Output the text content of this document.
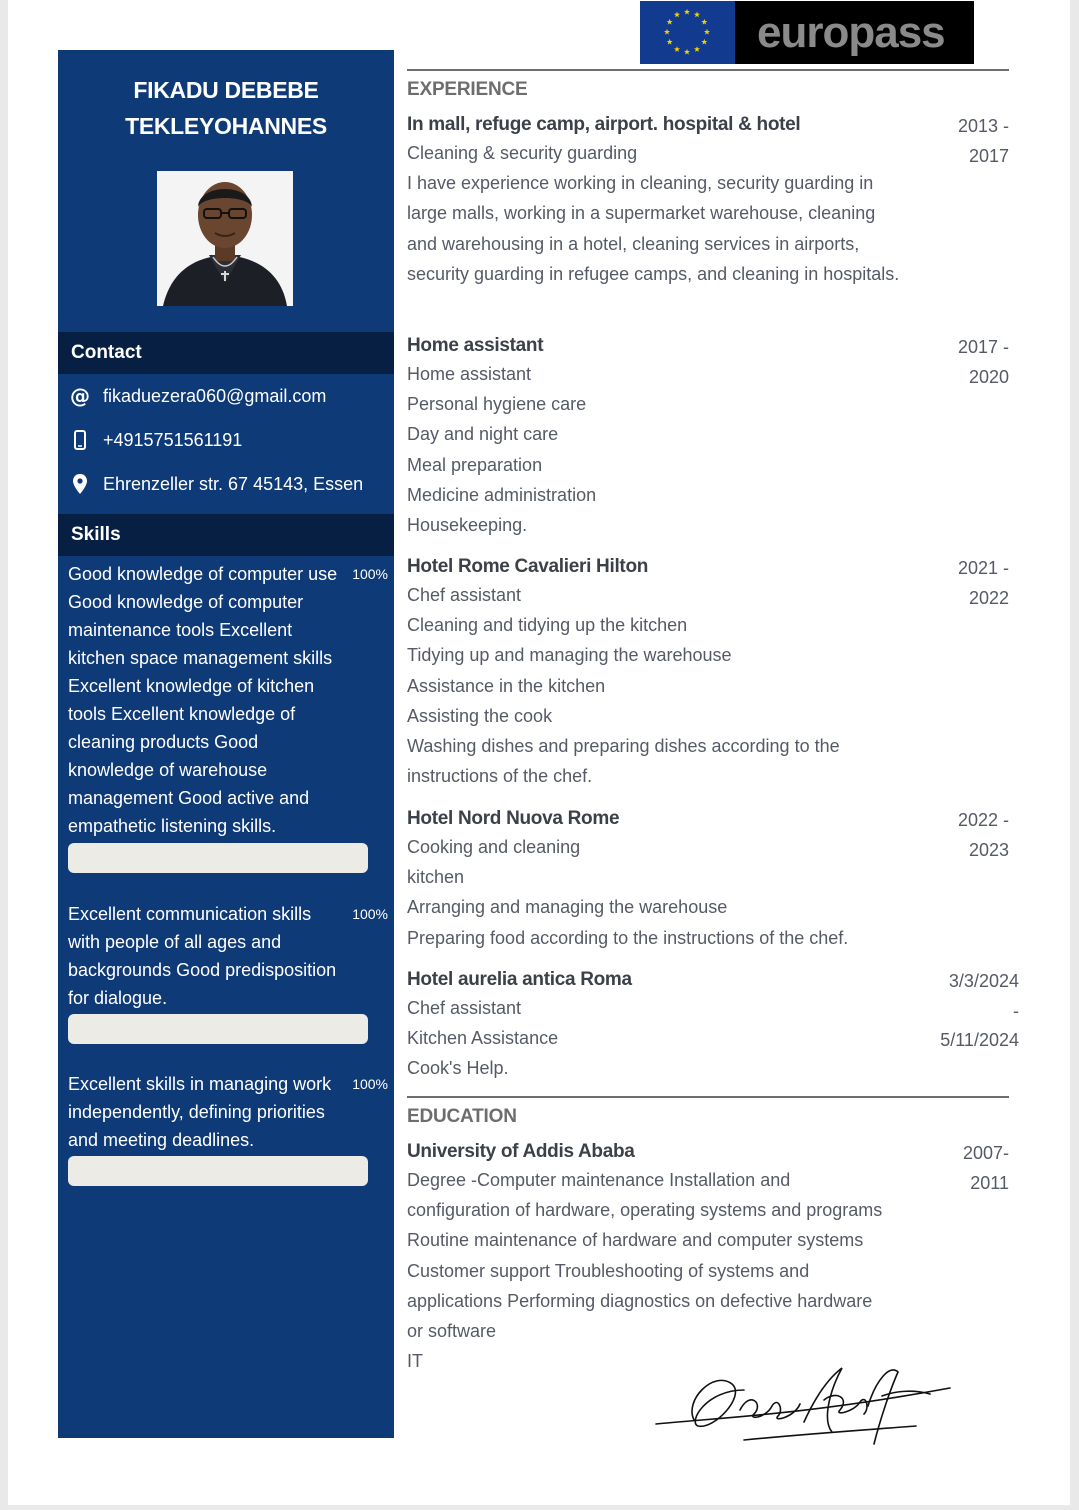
europass
FIKADU DEBEBE
TEKLEYOHANNES
Contact
@ fikaduezera060@gmail.com
+4915751561191
Ehrenzeller str. 67 45143, Essen
Skills
Good knowledge of computer use Good knowledge of computer maintenance tools Excellent kitchen space management skills Excellent knowledge of kitchen tools Excellent knowledge of cleaning products Good knowledge of warehouse management Good active and empathetic listening skills.
100%
Excellent communication skills with people of all ages and backgrounds Good predisposition for dialogue.
100%
Excellent skills in managing work independently, defining priorities and meeting deadlines.
100%
EXPERIENCE
In mall, refuge camp, airport. hospital & hotel
Cleaning & security guarding
I have experience working in cleaning, security guarding in large malls, working in a supermarket warehouse, cleaning and warehousing in a hotel, cleaning services in airports, security guarding in refugee camps, and cleaning in hospitals.
2013 -
2017
Home assistant
Home assistant
Personal hygiene care
Day and night care
Meal preparation
Medicine administration
Housekeeping.
2017 -
2020
Hotel Rome Cavalieri Hilton
Chef assistant
Cleaning and tidying up the kitchen
Tidying up and managing the warehouse
Assistance in the kitchen
Assisting the cook
Washing dishes and preparing dishes according to the
instructions of the chef.
2021 -
2022
Hotel Nord Nuova Rome
Cooking and cleaning
kitchen
Arranging and managing the warehouse
Preparing food according to the instructions of the chef.
2022 -
2023
Hotel aurelia antica Roma
Chef assistant
Kitchen Assistance
Cook's Help.
3/3/2024
-
5/11/2024
EDUCATION
University of Addis Ababa
Degree -Computer maintenance Installation and
configuration of hardware, operating systems and programs
Routine maintenance of hardware and computer systems
Customer support Troubleshooting of systems and
applications Performing diagnostics on defective hardware
or software
IT
2007-
2011
